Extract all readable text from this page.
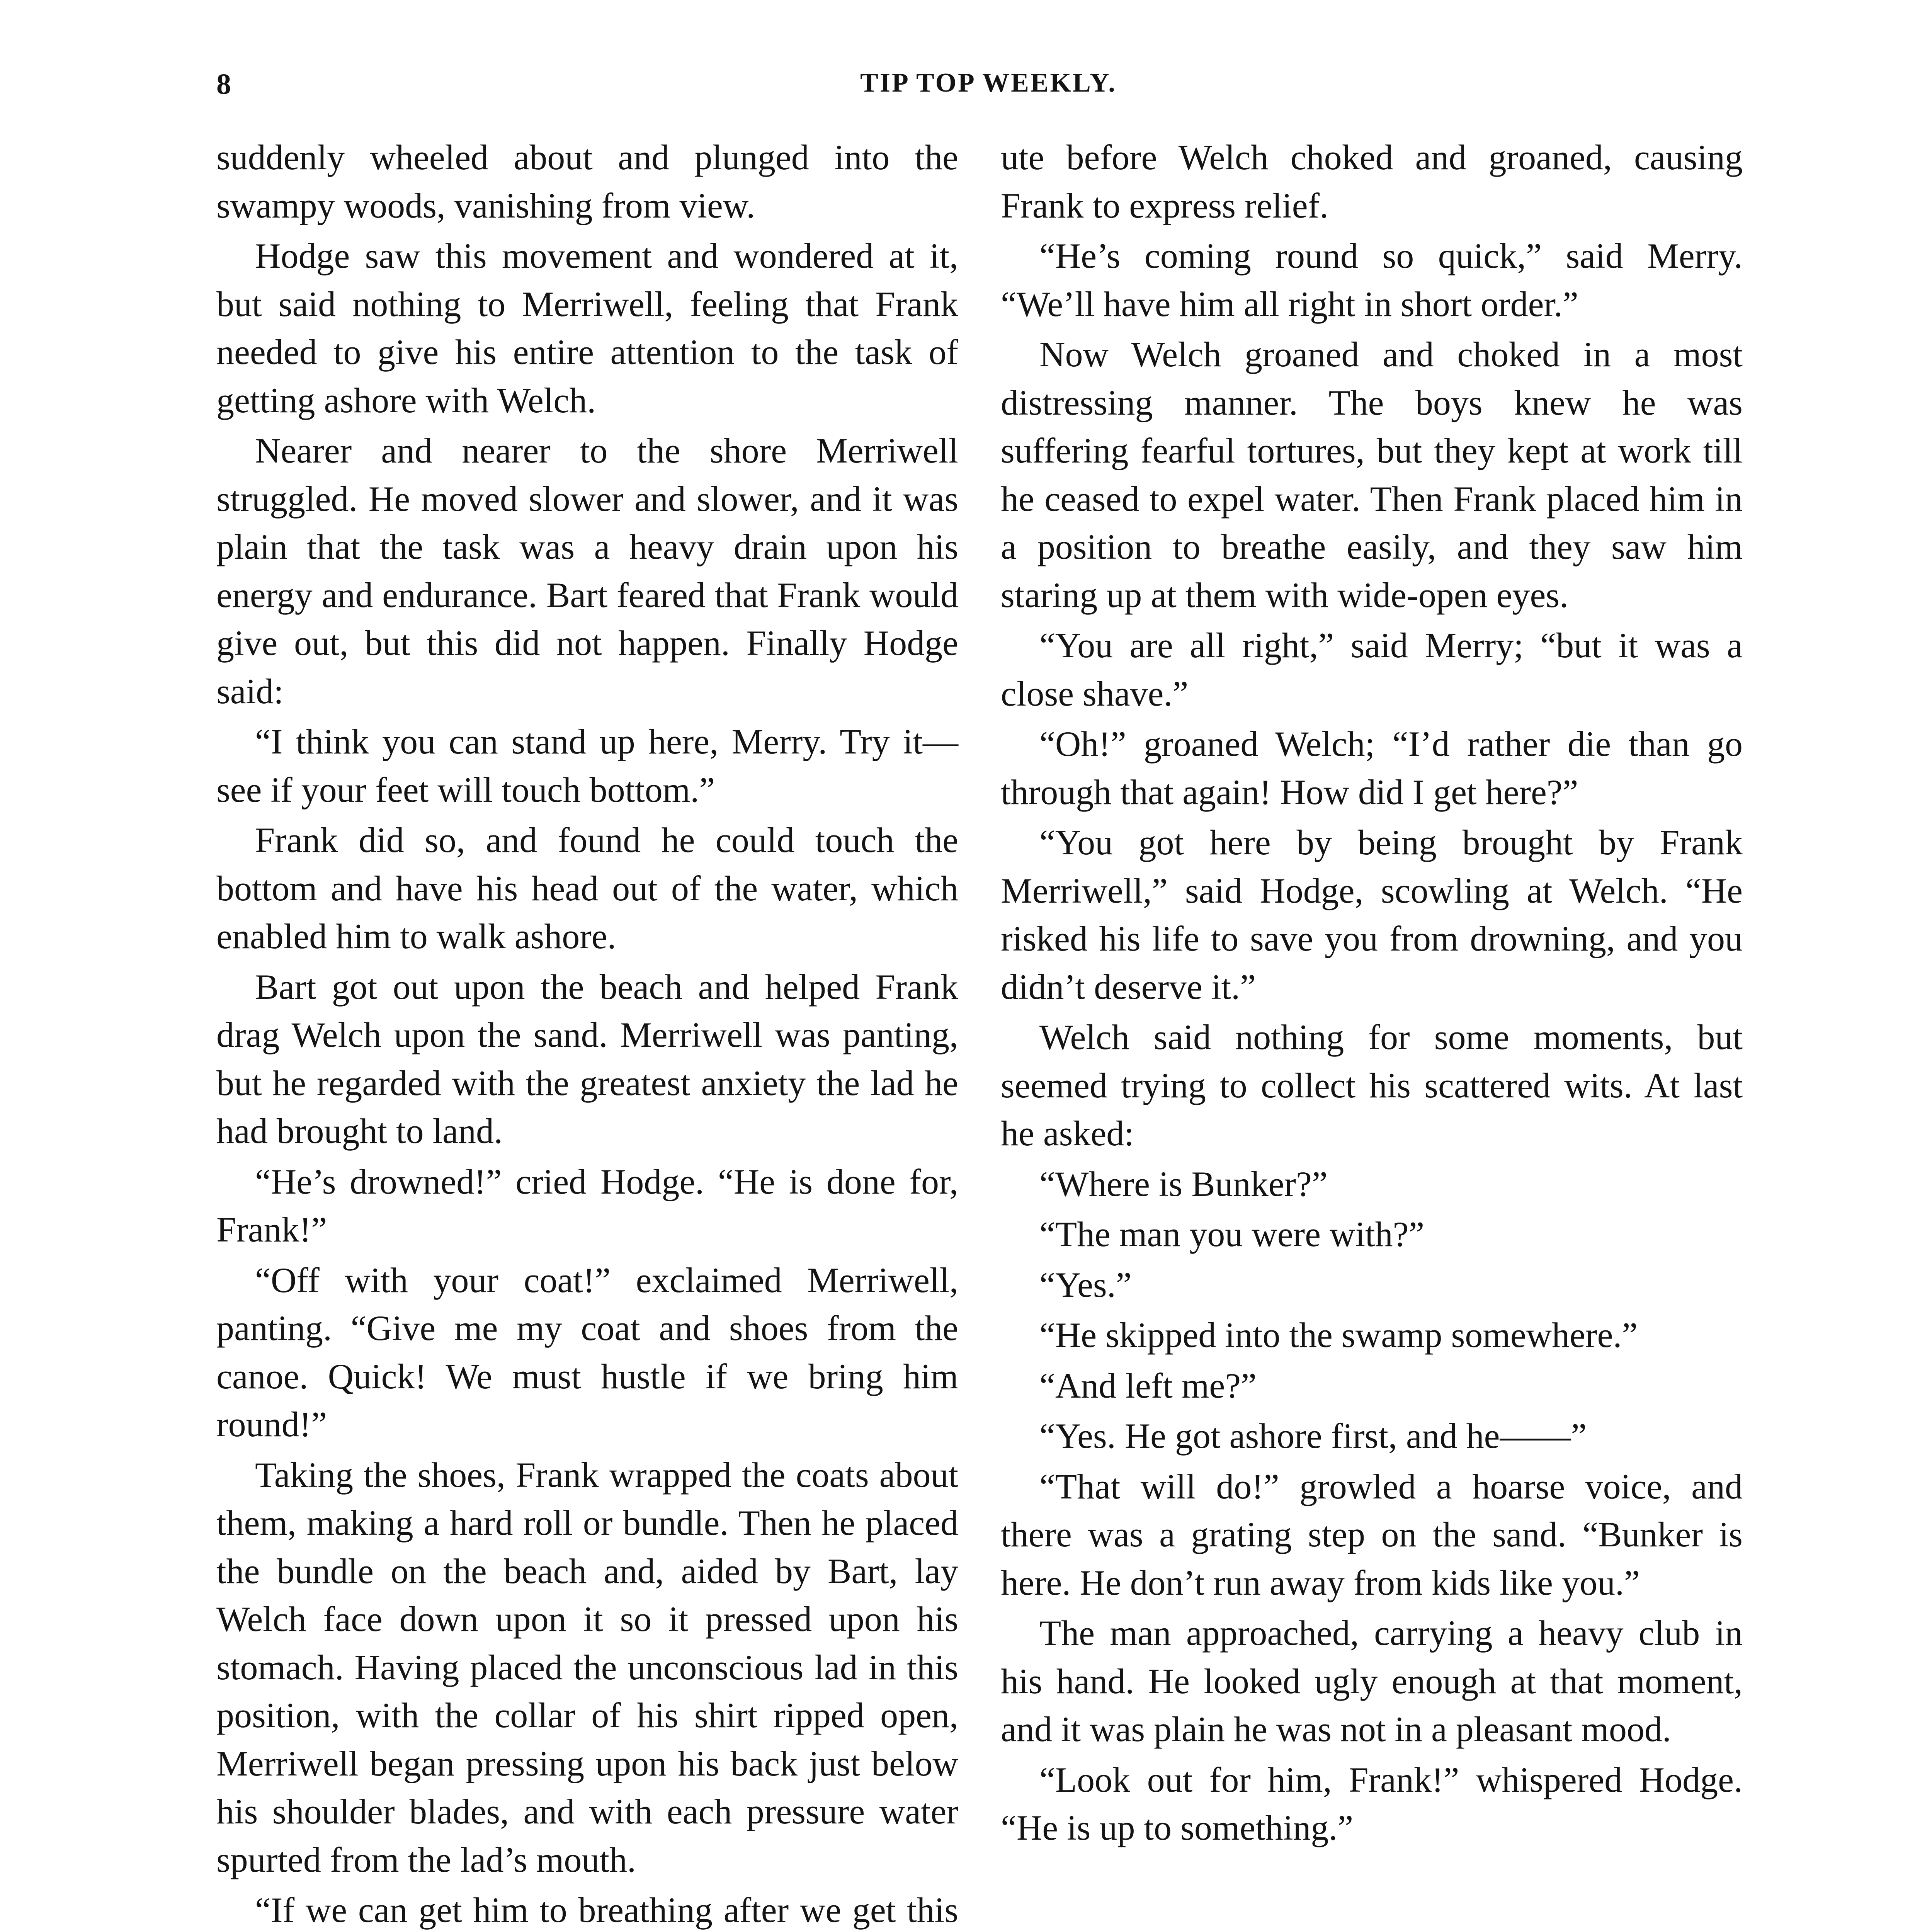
8	TIP TOP WEEKLY.

suddenly wheeled about and plunged into the swampy woods, vanishing from view.

Hodge saw this movement and wondered at it, but said nothing to Merriwell, feeling that Frank needed to give his entire attention to the task of getting ashore with Welch.

Nearer and nearer to the shore Merriwell struggled. He moved slower and slower, and it was plain that the task was a heavy drain upon his energy and endurance. Bart feared that Frank would give out, but this did not happen. Finally Hodge said:

“I think you can stand up here, Merry. Try it—see if your feet will touch bottom.”

Frank did so, and found he could touch the bottom and have his head out of the water, which enabled him to walk ashore.

Bart got out upon the beach and helped Frank drag Welch upon the sand. Merriwell was panting, but he regarded with the greatest anxiety the lad he had brought to land.

“He’s drowned!” cried Hodge. “He is done for, Frank!”

“Off with your coat!” exclaimed Merriwell, panting. “Give me my coat and shoes from the canoe. Quick! We must hustle if we bring him round!”

Taking the shoes, Frank wrapped the coats about them, making a hard roll or bundle. Then he placed the bundle on the beach and, aided by Bart, lay Welch face down upon it so it pressed upon his stomach. Having placed the unconscious lad in this position, with the collar of his shirt ripped open, Merriwell began pressing upon his back just below his shoulder blades, and with each pressure water spurted from the lad’s mouth.

“If we can get him to breathing after we get this

ute before Welch choked and groaned, causing Frank to express relief.

“He’s coming round so quick,” said Merry. “We’ll have him all right in short order.”

Now Welch groaned and choked in a most distressing manner. The boys knew he was suffering fearful tortures, but they kept at work till he ceased to expel water. Then Frank placed him in a position to breathe easily, and they saw him staring up at them with wide-open eyes.

“You are all right,” said Merry; “but it was a close shave.”

“Oh!” groaned Welch; “I’d rather die than go through that again! How did I get here?”

“You got here by being brought by Frank Merriwell,” said Hodge, scowling at Welch. “He risked his life to save you from drowning, and you didn’t deserve it.”

Welch said nothing for some moments, but seemed trying to collect his scattered wits. At last he asked:

“Where is Bunker?”

“The man you were with?”

“Yes.”

“He skipped into the swamp somewhere.”

“And left me?”

“Yes. He got ashore first, and he——”

“That will do!” growled a hoarse voice, and there was a grating step on the sand. “Bunker is here. He don’t run away from kids like you.”

The man approached, carrying a heavy club in his hand. He looked ugly enough at that moment, and it was plain he was not in a pleasant mood.

“Look out for him, Frank!” whispered Hodge. “He is up to something.”
